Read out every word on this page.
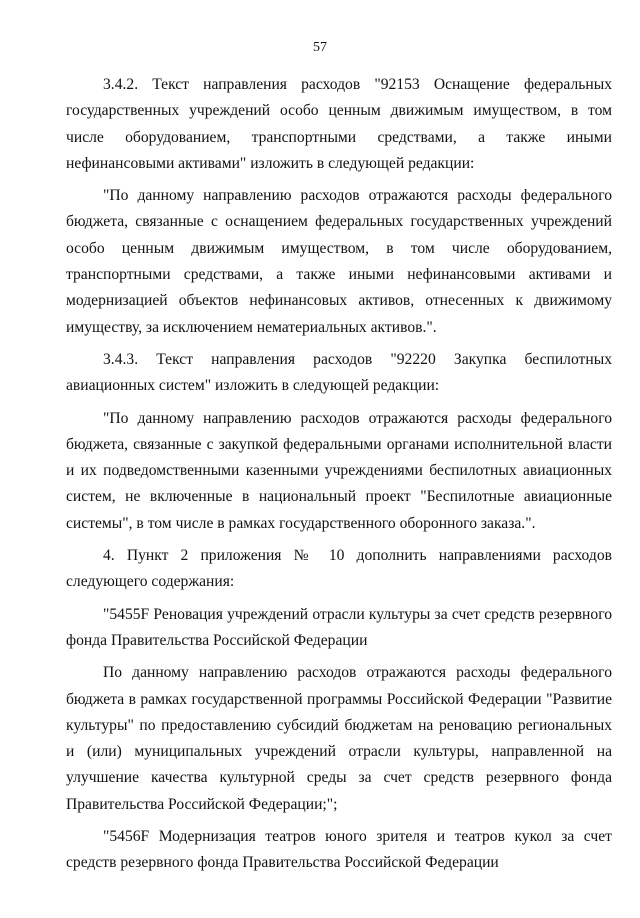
57

3.4.2. Текст направления расходов "92153 Оснащение федеральных государственных учреждений особо ценным движимым имуществом, в том числе оборудованием, транспортными средствами, а также иными нефинансовыми активами" изложить в следующей редакции:

"По данному направлению расходов отражаются расходы федерального бюджета, связанные с оснащением федеральных государственных учреждений особо ценным движимым имуществом, в том числе оборудованием, транспортными средствами, а также иными нефинансовыми активами и модернизацией объектов нефинансовых активов, отнесенных к движимому имуществу, за исключением нематериальных активов.".

3.4.3. Текст направления расходов "92220 Закупка беспилотных авиационных систем" изложить в следующей редакции:

"По данному направлению расходов отражаются расходы федерального бюджета, связанные с закупкой федеральными органами исполнительной власти и их подведомственными казенными учреждениями беспилотных авиационных систем, не включенные в национальный проект "Беспилотные авиационные системы", в том числе в рамках государственного оборонного заказа.".

4. Пункт 2 приложения № 10 дополнить направлениями расходов следующего содержания:

"5455F Реновация учреждений отрасли культуры за счет средств резервного фонда Правительства Российской Федерации

По данному направлению расходов отражаются расходы федерального бюджета в рамках государственной программы Российской Федерации "Развитие культуры" по предоставлению субсидий бюджетам на реновацию региональных и (или) муниципальных учреждений отрасли культуры, направленной на улучшение качества культурной среды за счет средств резервного фонда Правительства Российской Федерации;";

"5456F Модернизация театров юного зрителя и театров кукол за счет средств резервного фонда Правительства Российской Федерации
